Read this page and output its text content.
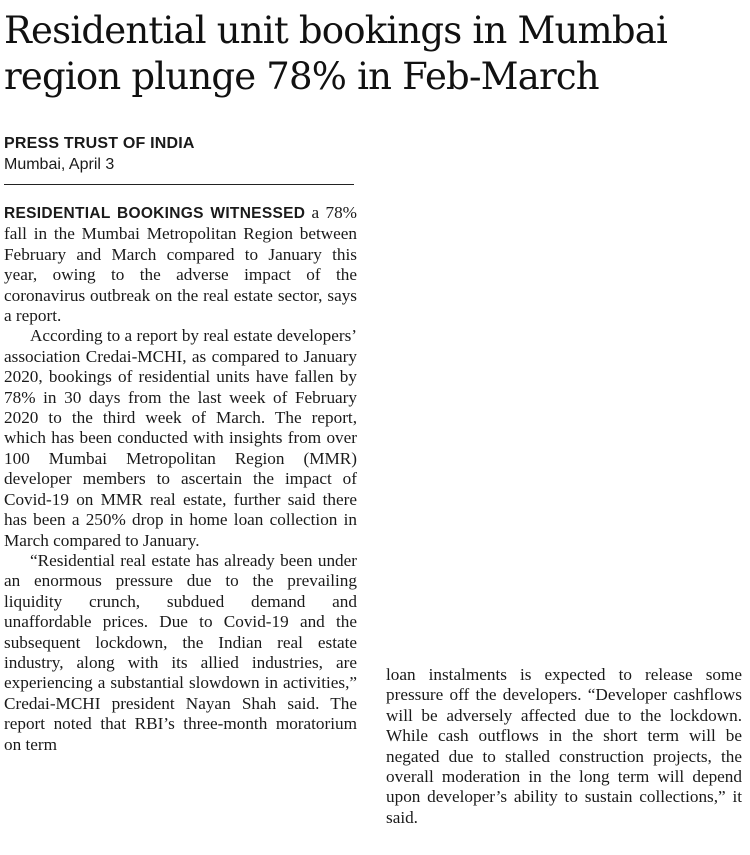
Residential unit bookings in Mumbai region plunge 78% in Feb-March
PRESS TRUST OF INDIA
Mumbai, April 3

RESIDENTIAL BOOKINGS WITNESSED a 78% fall in the Mumbai Metropolitan Region between February and March compared to January this year, owing to the adverse impact of the coronavirus outbreak on the real estate sector, says a report.

According to a report by real estate developers’ association Credai-MCHI, as compared to January 2020, bookings of residential units have fallen by 78% in 30 days from the last week of February 2020 to the third week of March. The report, which has been conducted with insights from over 100 Mumbai Metropolitan Region (MMR) developer members to ascertain the impact of Covid-19 on MMR real estate, further said there has been a 250% drop in home loan collection in March compared to January.

“Residential real estate has already been under an enormous pressure due to the prevailing liquidity crunch, subdued demand and unaffordable prices. Due to Covid-19 and the subsequent lockdown, the Indian real estate industry, along with its allied industries, are experiencing a substantial slowdown in activities,” Credai-MCHI president Nayan Shah said. The report noted that RBI’s three-month moratorium on term

loan instalments is expected to release some pressure off the developers. “Developer cashflows will be adversely affected due to the lockdown. While cash outflows in the short term will be negated due to stalled construction projects, the overall moderation in the long term will depend upon developer’s ability to sustain collections,” it said.
